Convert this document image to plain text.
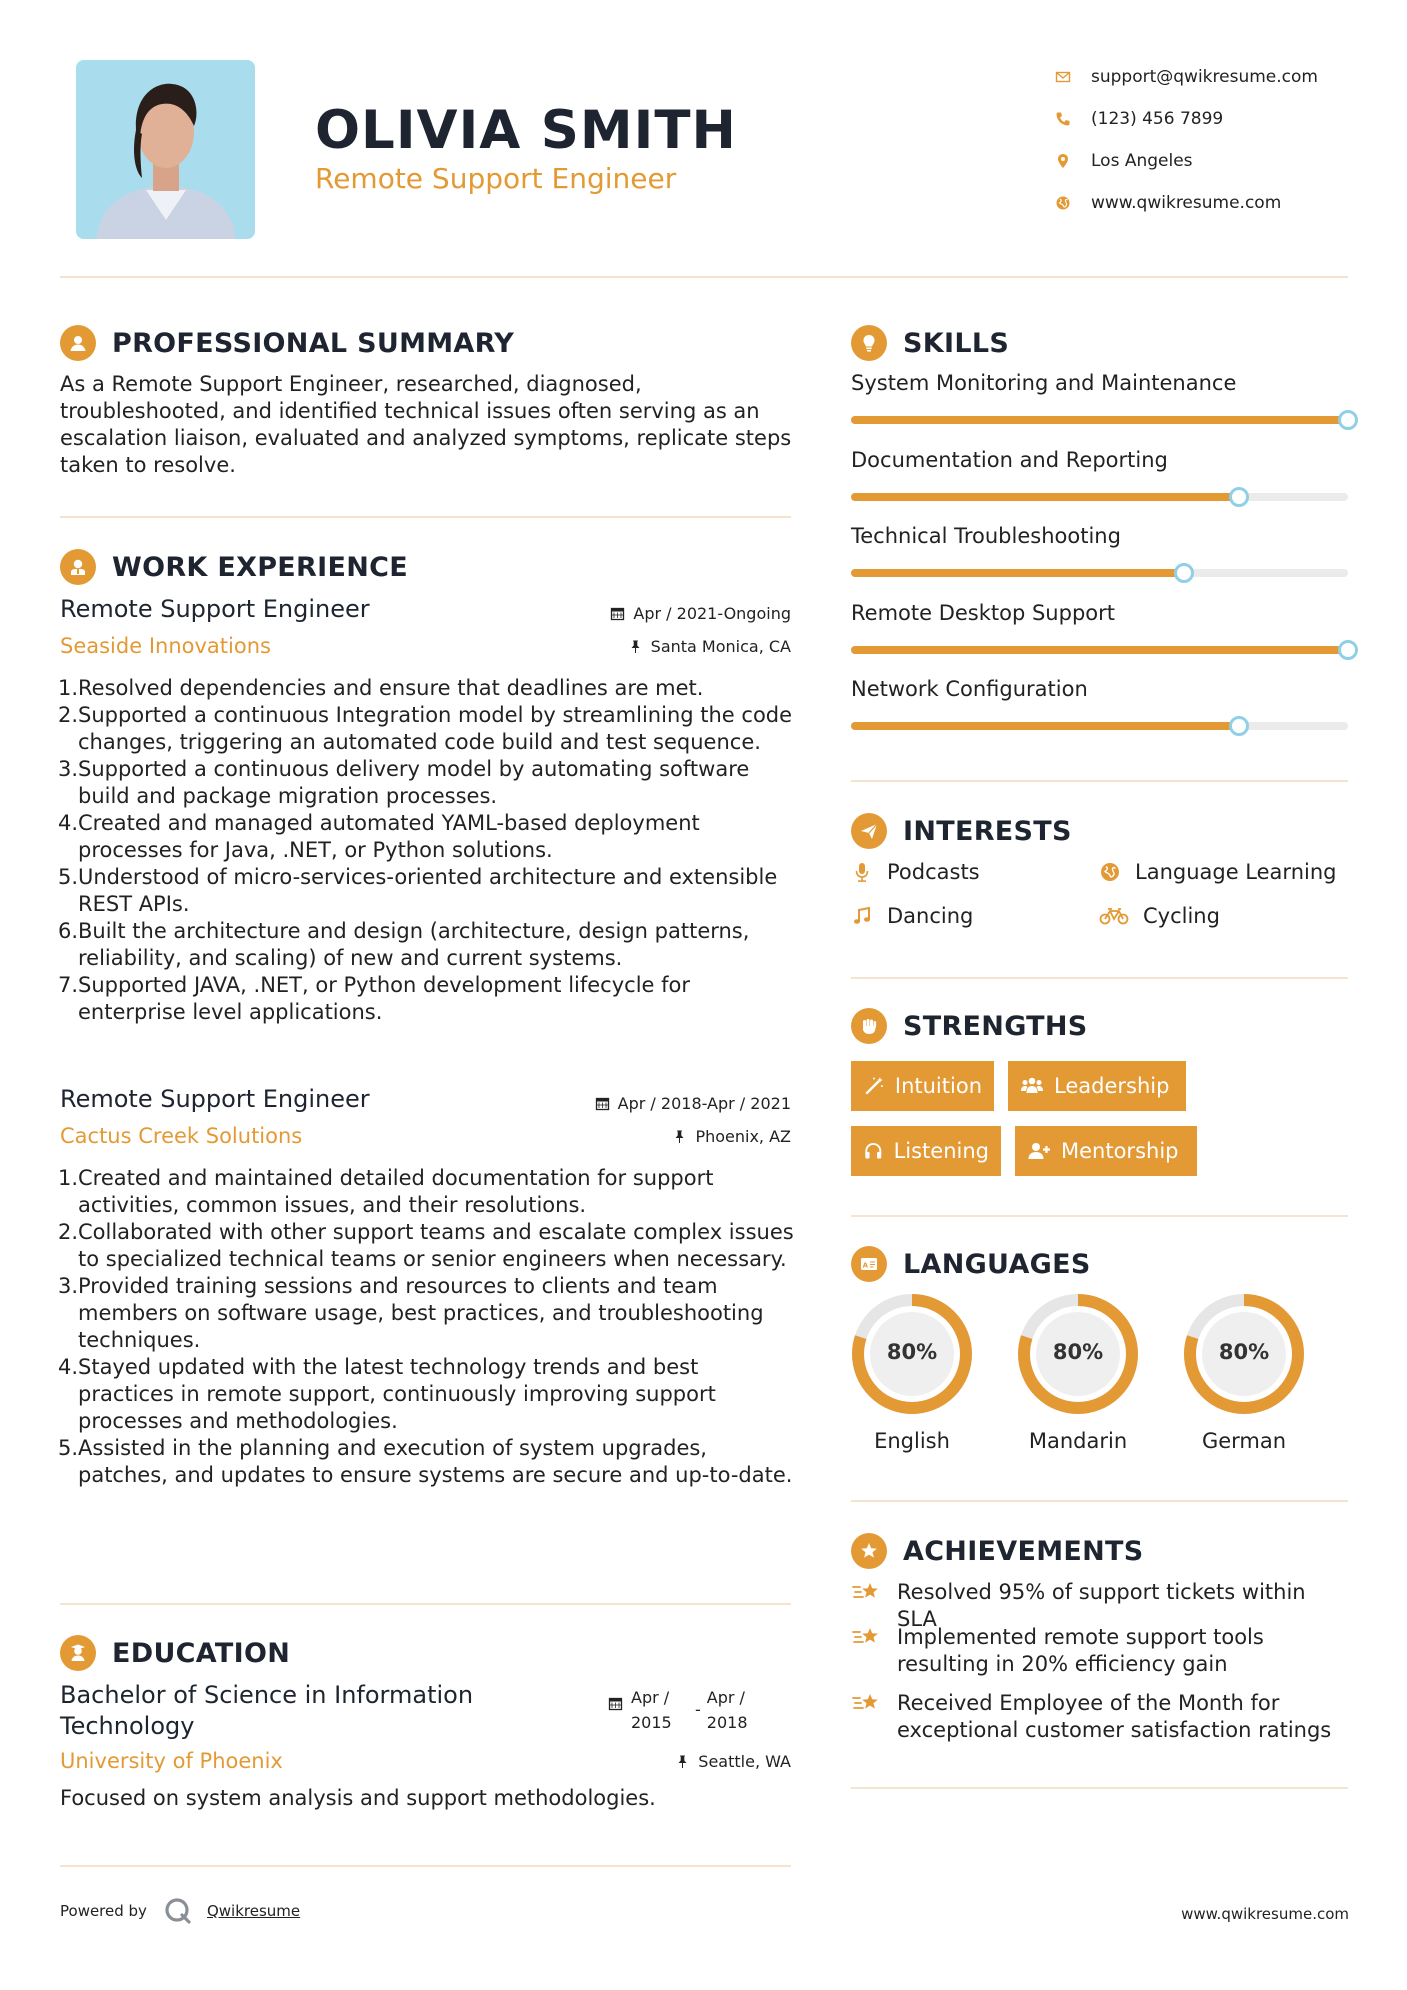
OLIVIA SMITH
Remote Support Engineer
support@qwikresume.com
(123) 456 7899
Los Angeles
www.qwikresume.com
PROFESSIONAL SUMMARY
As a Remote Support Engineer, researched, diagnosed, troubleshooted, and identified technical issues often serving as an escalation liaison, evaluated and analyzed symptoms, replicate steps taken to resolve.
WORK EXPERIENCE
Remote Support Engineer	Apr / 2021-Ongoing
Seaside Innovations	Santa Monica, CA
Resolved dependencies and ensure that deadlines are met.
Supported a continuous Integration model by streamlining the code changes, triggering an automated code build and test sequence.
Supported a continuous delivery model by automating software build and package migration processes.
Created and managed automated YAML-based deployment processes for Java, .NET, or Python solutions.
Understood of micro-services-oriented architecture and extensible REST APIs.
Built the architecture and design (architecture, design patterns, reliability, and scaling) of new and current systems.
Supported JAVA, .NET, or Python development lifecycle for enterprise level applications.
Remote Support Engineer	Apr / 2018-Apr / 2021
Cactus Creek Solutions	Phoenix, AZ
Created and maintained detailed documentation for support activities, common issues, and their resolutions.
Collaborated with other support teams and escalate complex issues to specialized technical teams or senior engineers when necessary.
Provided training sessions and resources to clients and team members on software usage, best practices, and troubleshooting techniques.
Stayed updated with the latest technology trends and best practices in remote support, continuously improving support processes and methodologies.
Assisted in the planning and execution of system upgrades, patches, and updates to ensure systems are secure and up-to-date.
EDUCATION
Bachelor of Science in Information Technology
Apr / 2015
-
Apr / 2018
University of Phoenix	Seattle, WA
Focused on system analysis and support methodologies.
SKILLS
System Monitoring and Maintenance
Documentation and Reporting
Technical Troubleshooting
Remote Desktop Support
Network Configuration
INTERESTS
Podcasts	Language Learning
Dancing	Cycling
STRENGTHS
Intuition	Leadership
Listening	Mentorship
A LANGUAGES
80%
English
80%
Mandarin
80%
German
ACHIEVEMENTS
Resolved 95% of support tickets within SLA
Implemented remote support tools resulting in 20% efficiency gain
Received Employee of the Month for exceptional customer satisfaction ratings
Powered by	Qwikresume	www.qwikresume.com
